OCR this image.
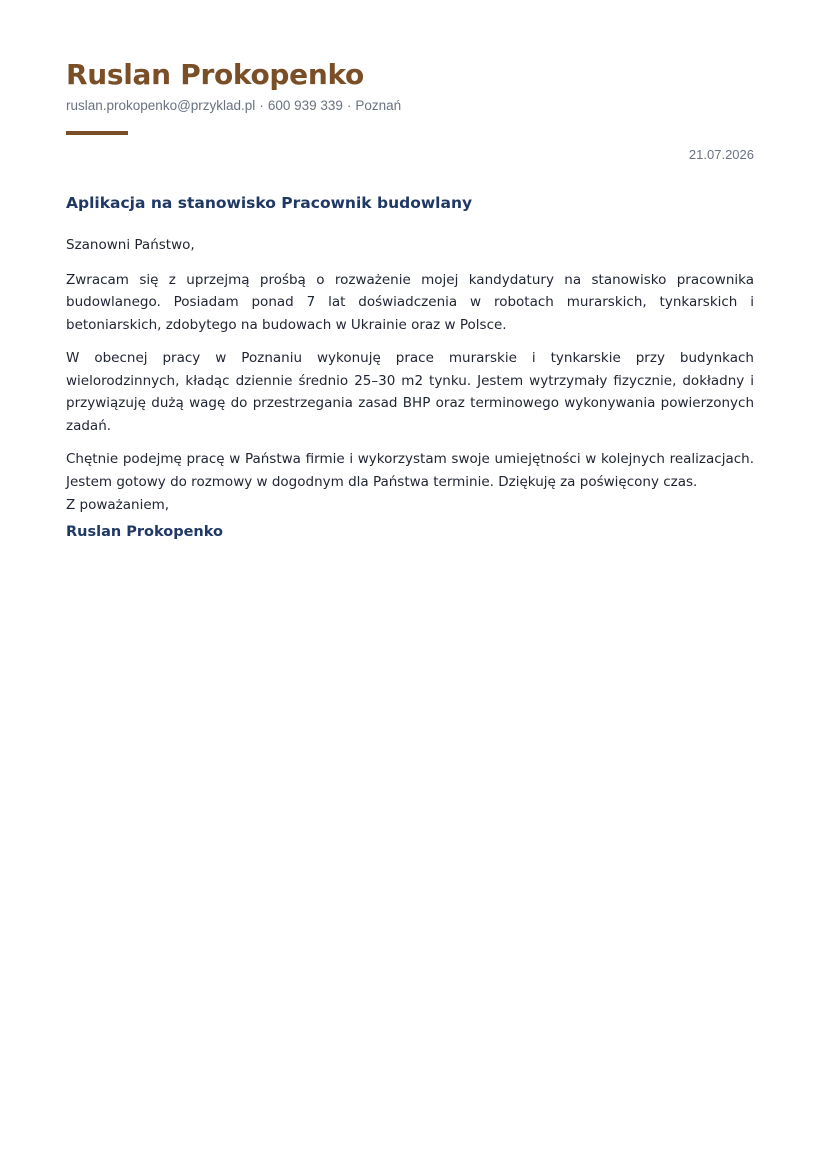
Ruslan Prokopenko
ruslan.prokopenko@przyklad.pl · 600 939 339 · Poznań
21.07.2026
Aplikacja na stanowisko Pracownik budowlany

Szanowni Państwo,

Zwracam się z uprzejmą prośbą o rozważenie mojej kandydatury na stanowisko pracownika budowlanego. Posiadam ponad 7 lat doświadczenia w robotach murarskich, tynkarskich i betoniarskich, zdobytego na budowach w Ukrainie oraz w Polsce.

W obecnej pracy w Poznaniu wykonuję prace murarskie i tynkarskie przy budynkach wielorodzinnych, kładąc dziennie średnio 25–30 m2 tynku. Jestem wytrzymały fizycznie, dokładny i przywiązuję dużą wagę do przestrzegania zasad BHP oraz terminowego wykonywania powierzonych zadań.

Chętnie podejmę pracę w Państwa firmie i wykorzystam swoje umiejętności w kolejnych realizacjach. Jestem gotowy do rozmowy w dogodnym dla Państwa terminie. Dziękuję za poświęcony czas.

Z poważaniem,
Ruslan Prokopenko
